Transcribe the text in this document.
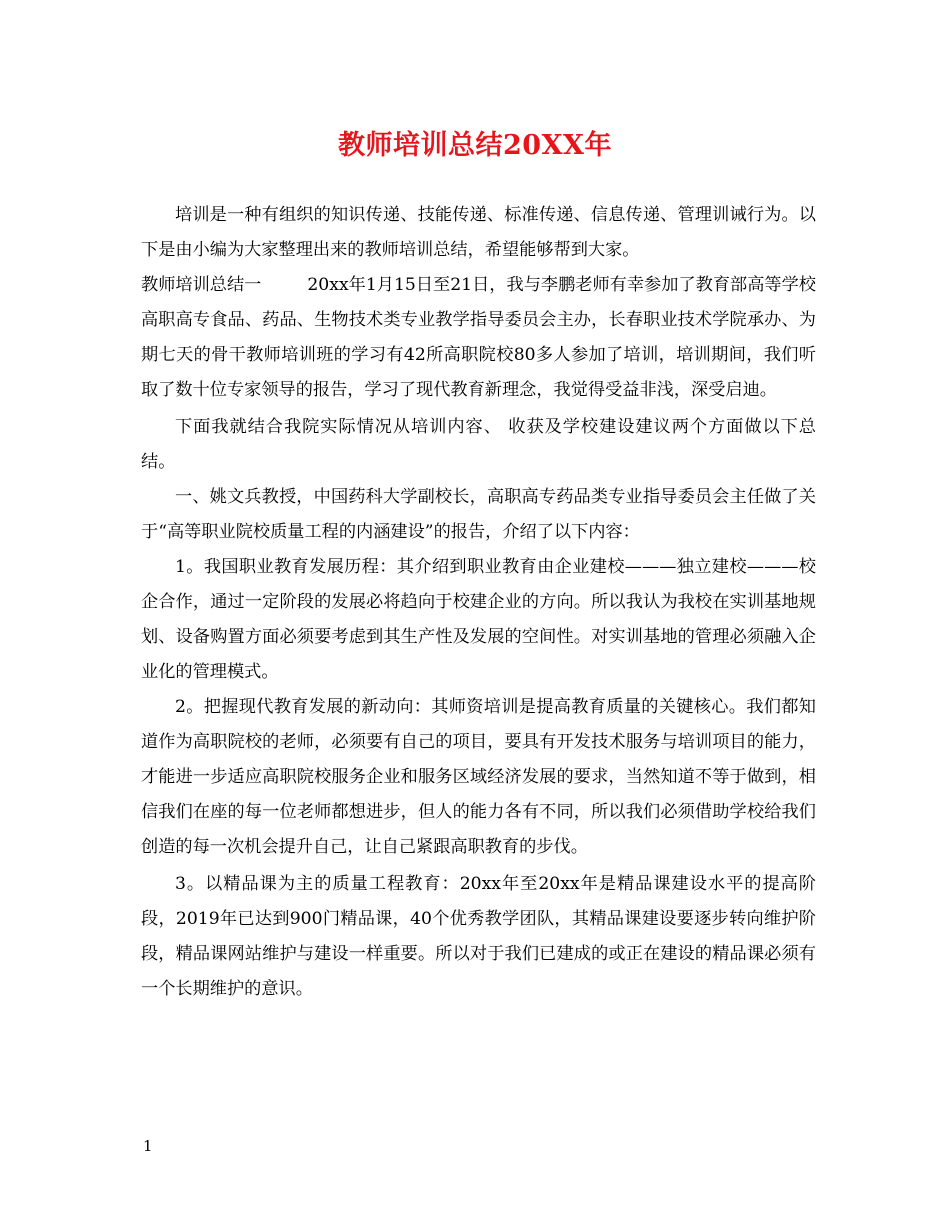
教师培训总结20XX年

培训是一种有组织的知识传递、技能传递、标准传递、信息传递、管理训诫行为。以下是由小编为大家整理出来的教师培训总结，希望能够帮到大家。

教师培训总结一	20xx年1月15日至21日，我与李鹏老师有幸参加了教育部高等学校高职高专食品、药品、生物技术类专业教学指导委员会主办，长春职业技术学院承办、为期七天的骨干教师培训班的学习有42所高职院校80多人参加了培训，培训期间，我们听取了数十位专家领导的报告，学习了现代教育新理念，我觉得受益非浅，深受启迪。

下面我就结合我院实际情况从培训内容、 收获及学校建设建议两个方面做以下总结。

一、姚文兵教授，中国药科大学副校长，高职高专药品类专业指导委员会主任做了关于“高等职业院校质量工程的内涵建设”的报告，介绍了以下内容：

1。我国职业教育发展历程：其介绍到职业教育由企业建校———独立建校———校企合作，通过一定阶段的发展必将趋向于校建企业的方向。所以我认为我校在实训基地规划、设备购置方面必须要考虑到其生产性及发展的空间性。对实训基地的管理必须融入企业化的管理模式。

2。把握现代教育发展的新动向：其师资培训是提高教育质量的关键核心。我们都知道作为高职院校的老师，必须要有自己的项目，要具有开发技术服务与培训项目的能力，才能进一步适应高职院校服务企业和服务区域经济发展的要求，当然知道不等于做到，相信我们在座的每一位老师都想进步，但人的能力各有不同，所以我们必须借助学校给我们创造的每一次机会提升自己，让自己紧跟高职教育的步伐。

3。以精品课为主的质量工程教育：20xx年至20xx年是精品课建设水平的提高阶段，2019年已达到900门精品课，40个优秀教学团队，其精品课建设要逐步转向维护阶段，精品课网站维护与建设一样重要。所以对于我们已建成的或正在建设的精品课必须有一个长期维护的意识。

1
